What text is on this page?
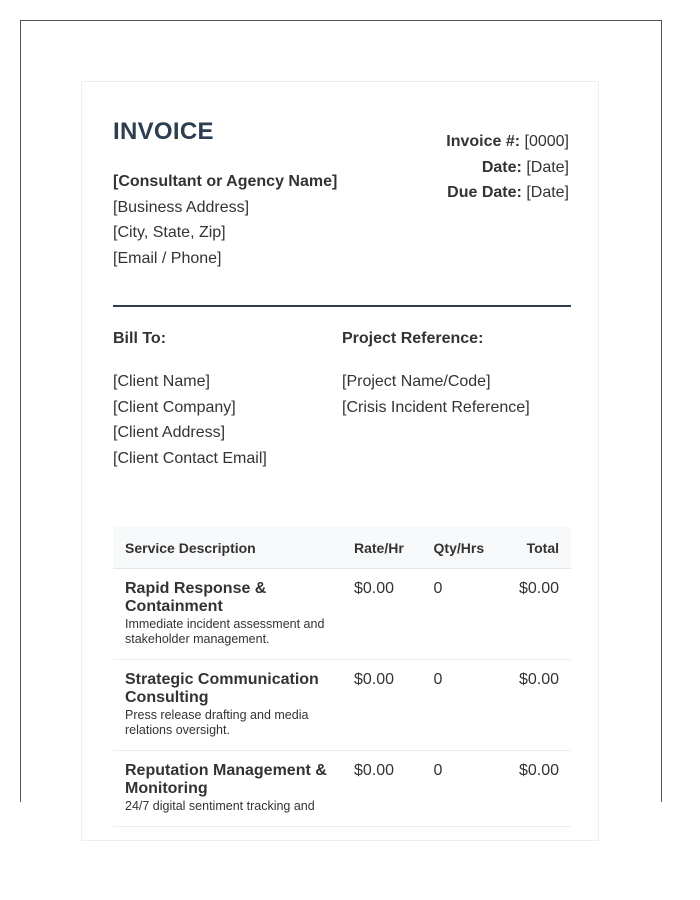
INVOICE
[Consultant or Agency Name]
[Business Address]
[City, State, Zip]
[Email / Phone]
Invoice #: [0000]
Date: [Date]
Due Date: [Date]
Bill To:
[Client Name]
[Client Company]
[Client Address]
[Client Contact Email]
Project Reference:
[Project Name/Code]
[Crisis Incident Reference]
Service Description	Rate/Hr	Qty/Hrs	Total

Rapid Response & Containment
Immediate incident assessment and stakeholder management.	$0.00	0	$0.00

Strategic Communication Consulting
Press release drafting and media relations oversight.	$0.00	0	$0.00

Reputation Management & Monitoring
24/7 digital sentiment tracking and	$0.00	0	$0.00
